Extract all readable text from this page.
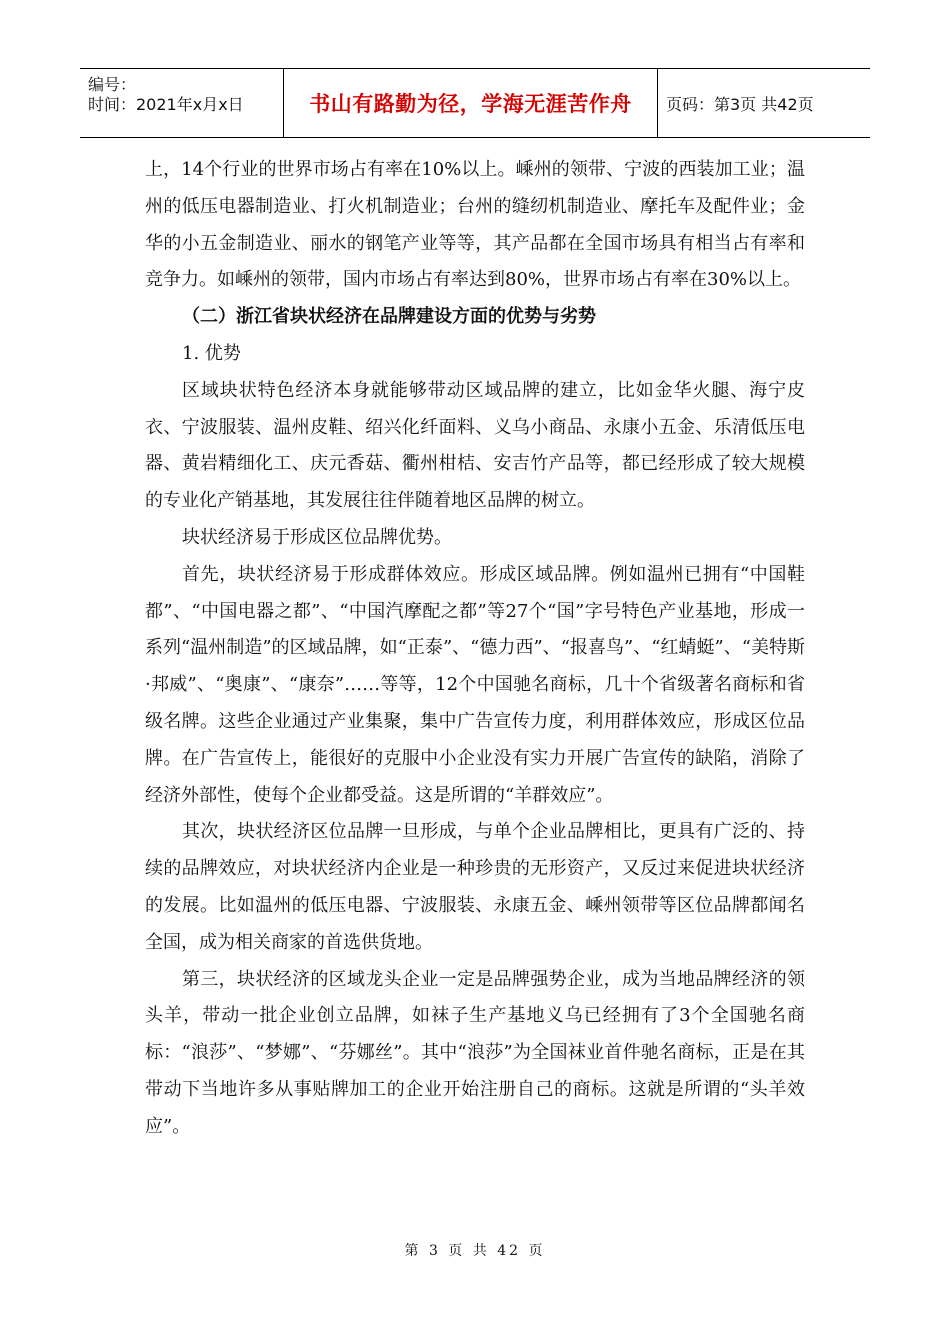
编号：
时间：2021年x月x日	书山有路勤为径，学海无涯苦作舟	页码：第3页 共42页

上，14个行业的世界市场占有率在10%以上。嵊州的领带、宁波的西装加工业；温州的低压电器制造业、打火机制造业；台州的缝纫机制造业、摩托车及配件业；金华的小五金制造业、丽水的钢笔产业等等，其产品都在全国市场具有相当占有率和竞争力。如嵊州的领带，国内市场占有率达到80%，世界市场占有率在30%以上。

（二）浙江省块状经济在品牌建设方面的优势与劣势

1. 优势

区域块状特色经济本身就能够带动区域品牌的建立，比如金华火腿、海宁皮衣、宁波服装、温州皮鞋、绍兴化纤面料、义乌小商品、永康小五金、乐清低压电器、黄岩精细化工、庆元香菇、衢州柑桔、安吉竹产品等，都已经形成了较大规模的专业化产销基地，其发展往往伴随着地区品牌的树立。

块状经济易于形成区位品牌优势。

首先，块状经济易于形成群体效应。形成区域品牌。例如温州已拥有“中国鞋都”、“中国电器之都”、“中国汽摩配之都”等27个“国”字号特色产业基地，形成一系列“温州制造”的区域品牌，如“正泰”、“德力西”、“报喜鸟”、“红蜻蜓”、“美特斯·邦威”、“奥康”、“康奈”……等等，12个中国驰名商标，几十个省级著名商标和省级名牌。这些企业通过产业集聚，集中广告宣传力度，利用群体效应，形成区位品牌。在广告宣传上，能很好的克服中小企业没有实力开展广告宣传的缺陷，消除了经济外部性，使每个企业都受益。这是所谓的“羊群效应”。

其次，块状经济区位品牌一旦形成，与单个企业品牌相比，更具有广泛的、持续的品牌效应，对块状经济内企业是一种珍贵的无形资产，又反过来促进块状经济的发展。比如温州的低压电器、宁波服装、永康五金、嵊州领带等区位品牌都闻名全国，成为相关商家的首选供货地。

第三，块状经济的区域龙头企业一定是品牌强势企业，成为当地品牌经济的领头羊，带动一批企业创立品牌，如袜子生产基地义乌已经拥有了3个全国驰名商标：“浪莎”、“梦娜”、“芬娜丝”。其中“浪莎”为全国袜业首件驰名商标，正是在其带动下当地许多从事贴牌加工的企业开始注册自己的商标。这就是所谓的“头羊效应”。

第 3 页 共 42 页
